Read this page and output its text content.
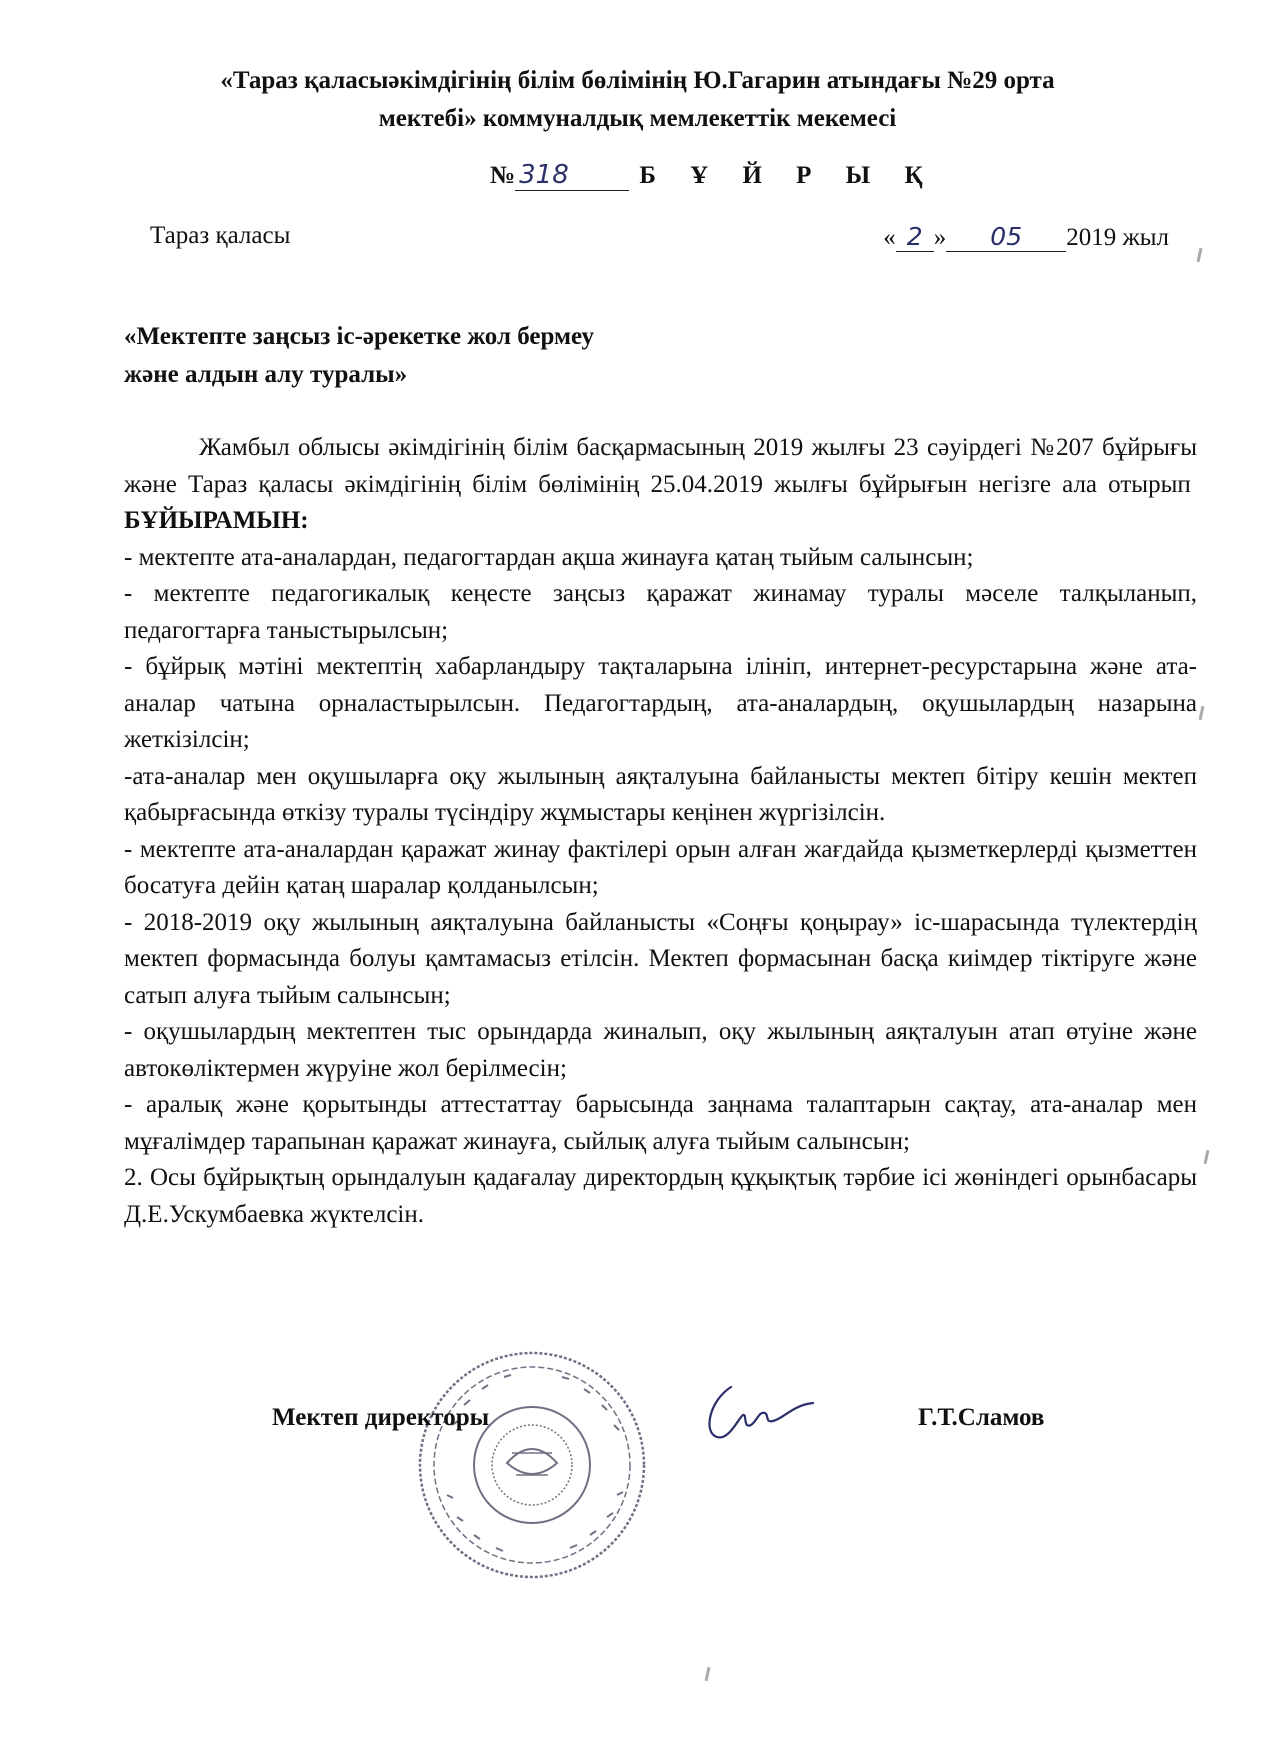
«Тараз қаласыәкімдігінің білім бөлімінің Ю.Гагарин атындағы №29 орта
мектебі» коммуналдық мемлекеттік мекемесі
№ 318	Б Ұ Й Р Ы Қ
Тараз қаласы	« 2 » 05 2019 жыл
«Мектепте заңсыз іс-әрекетке жол бермеу
және алдын алу туралы»

Жамбыл облысы әкімдігінің білім басқармасының 2019 жылғы 23 сәуірдегі №207 бұйрығы және Тараз қаласы әкімдігінің білім бөлімінің 25.04.2019 жылғы бұйрығын негізге ала отырып  БҰЙЫРАМЫН:

- мектепте ата-аналардан, педагогтардан ақша жинауға қатаң тыйым салынсын;

- мектепте педагогикалық кеңесте заңсыз қаражат жинамау туралы мәселе талқыланып, педагогтарға таныстырылсын;

- бұйрық мәтіні мектептің хабарландыру тақталарына ілініп, интернет-ресурстарына және ата-аналар чатына орналастырылсын. Педагогтардың, ата-аналардың, оқушылардың назарына жеткізілсін;

-ата-аналар мен оқушыларға оқу жылының аяқталуына байланысты мектеп бітіру кешін мектеп қабырғасында өткізу туралы түсіндіру жұмыстары кеңінен жүргізілсін.

- мектепте ата-аналардан қаражат жинау фактілері орын алған жағдайда қызметкерлерді қызметтен босатуға дейін қатаң шаралар қолданылсын;

- 2018-2019 оқу жылының аяқталуына байланысты «Соңғы қоңырау» іс-шарасында түлектердің мектеп формасында болуы қамтамасыз етілсін. Мектеп формасынан басқа киімдер тіктіруге және сатып алуға тыйым салынсын;

- оқушылардың мектептен тыс орындарда жиналып, оқу жылының аяқталуын атап өтуіне және автокөліктермен жүруіне жол берілмесін;

- аралық және қорытынды аттестаттау барысында заңнама талаптарын сақтау, ата-аналар мен мұғалімдер тарапынан қаражат жинауға, сыйлық алуға тыйым салынсын;

2. Осы бұйрықтың орындалуын қадағалау директордың құқықтық тәрбие ісі жөніндегі орынбасары Д.Е.Ускумбаевка жүктелсін.

Мектеп директоры	Г.Т.Сламов
